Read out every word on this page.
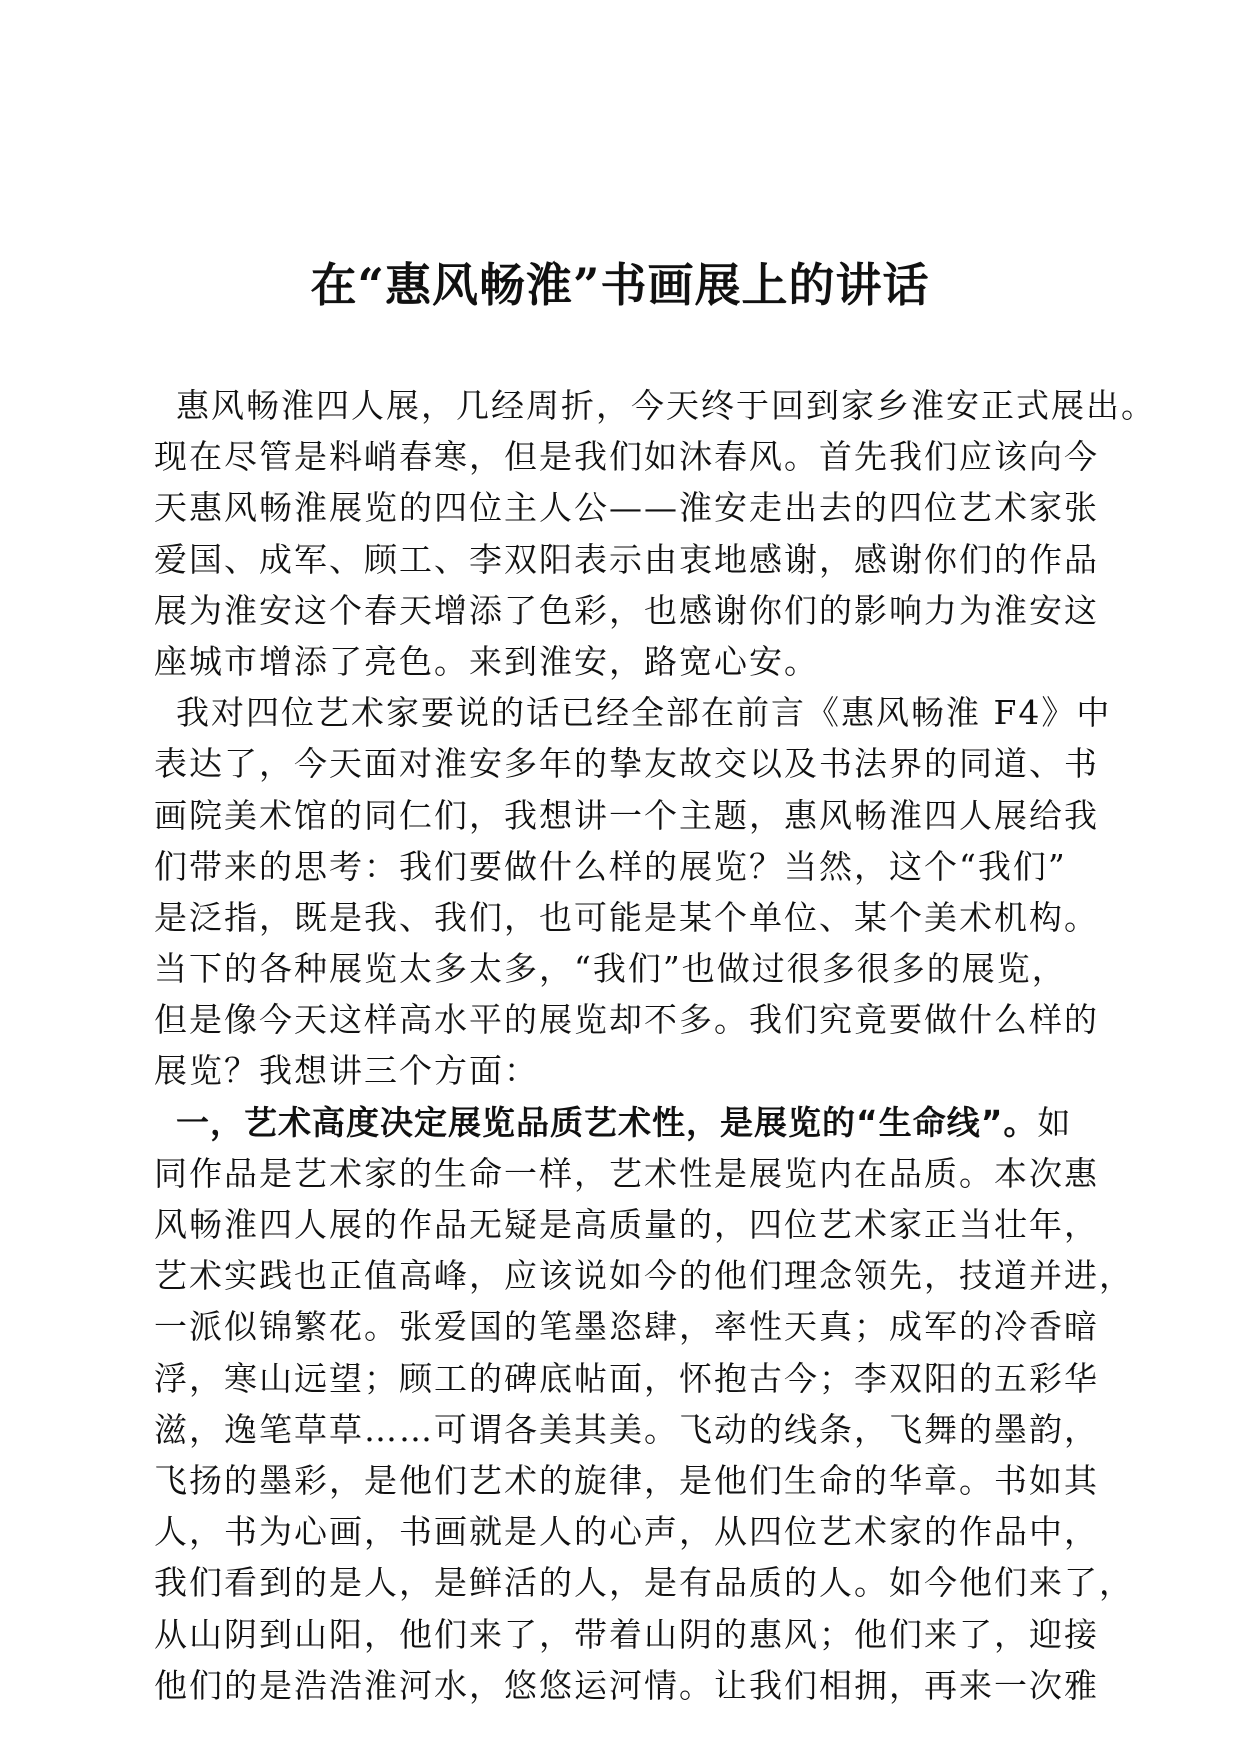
在“惠风畅淮”书画展上的讲话
惠风畅淮四人展，几经周折，今天终于回到家乡淮安正式展出。
现在尽管是料峭春寒，但是我们如沐春风。首先我们应该向今
天惠风畅淮展览的四位主人公——淮安走出去的四位艺术家张
爱国、成军、顾工、李双阳表示由衷地感谢，感谢你们的作品
展为淮安这个春天增添了色彩，也感谢你们的影响力为淮安这
座城市增添了亮色。来到淮安，路宽心安。
我对四位艺术家要说的话已经全部在前言《惠风畅淮 F4》中
表达了，今天面对淮安多年的挚友故交以及书法界的同道、书
画院美术馆的同仁们，我想讲一个主题，惠风畅淮四人展给我
们带来的思考：我们要做什么样的展览？当然，这个“我们”
是泛指，既是我、我们，也可能是某个单位、某个美术机构。
当下的各种展览太多太多，“我们”也做过很多很多的展览，
但是像今天这样高水平的展览却不多。我们究竟要做什么样的
展览？我想讲三个方面：
一，艺术高度决定展览品质艺术性，是展览的“生命线”。如
同作品是艺术家的生命一样，艺术性是展览内在品质。本次惠
风畅淮四人展的作品无疑是高质量的，四位艺术家正当壮年，
艺术实践也正值高峰，应该说如今的他们理念领先，技道并进，
一派似锦繁花。张爱国的笔墨恣肆，率性天真；成军的冷香暗
浮，寒山远望；顾工的碑底帖面，怀抱古今；李双阳的五彩华
滋，逸笔草草……可谓各美其美。飞动的线条，飞舞的墨韵，
飞扬的墨彩，是他们艺术的旋律，是他们生命的华章。书如其
人，书为心画，书画就是人的心声，从四位艺术家的作品中，
我们看到的是人，是鲜活的人，是有品质的人。如今他们来了，
从山阴到山阳，他们来了，带着山阴的惠风；他们来了，迎接
他们的是浩浩淮河水，悠悠运河情。让我们相拥，再来一次雅
